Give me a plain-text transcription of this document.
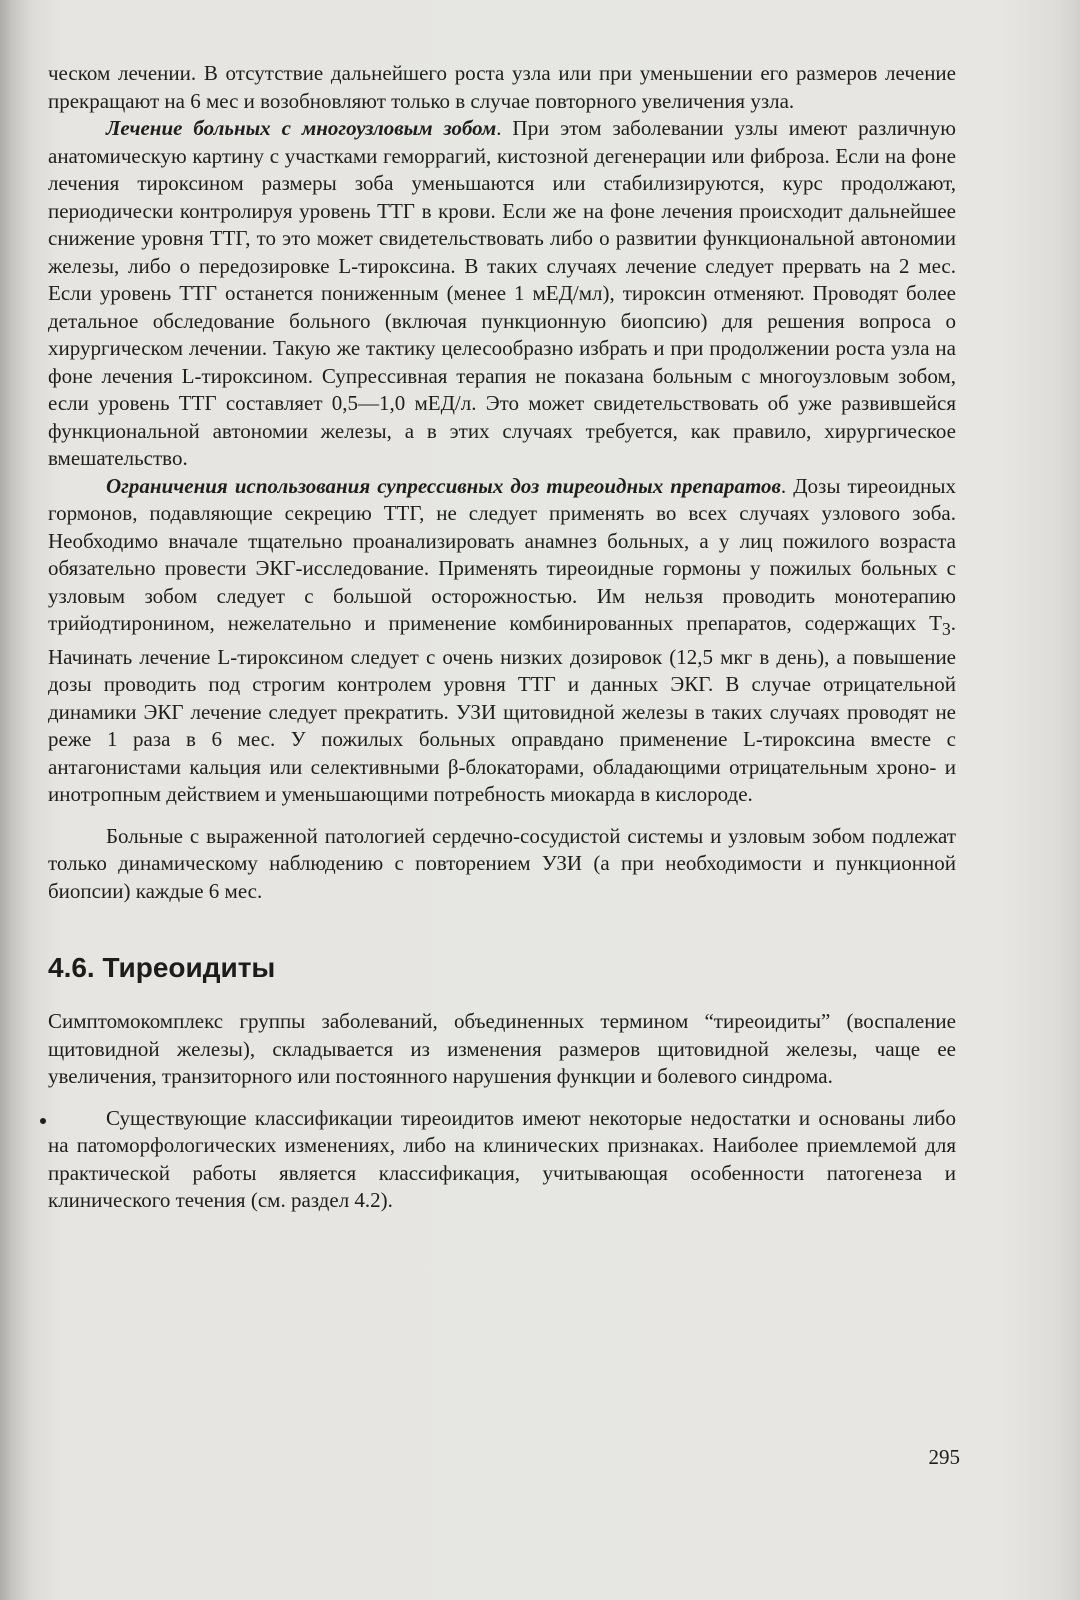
ческом лечении. В отсутствие дальнейшего роста узла или при уменьшении его размеров лечение прекращают на 6 мес и возобновляют только в случае повторного увеличения узла.

Лечение больных с многоузловым зобом. При этом заболевании узлы имеют различную анатомическую картину с участками геморрагий, кистозной дегенерации или фиброза. Если на фоне лечения тироксином размеры зоба уменьшаются или стабилизируются, курс продолжают, периодически контролируя уровень ТТГ в крови. Если же на фоне лечения происходит дальнейшее снижение уровня ТТГ, то это может свидетельствовать либо о развитии функциональной автономии железы, либо о передозировке L-тироксина. В таких случаях лечение следует прервать на 2 мес. Если уровень ТТГ останется пониженным (менее 1 мЕД/мл), тироксин отменяют. Проводят более детальное обследование больного (включая пункционную биопсию) для решения вопроса о хирургическом лечении. Такую же тактику целесообразно избрать и при продолжении роста узла на фоне лечения L-тироксином. Супрессивная терапия не показана больным с многоузловым зобом, если уровень ТТГ составляет 0,5—1,0 мЕД/л. Это может свидетельствовать об уже развившейся функциональной автономии железы, а в этих случаях требуется, как правило, хирургическое вмешательство.

Ограничения использования супрессивных доз тиреоидных препаратов. Дозы тиреоидных гормонов, подавляющие секрецию ТТГ, не следует применять во всех случаях узлового зоба. Необходимо вначале тщательно проанализировать анамнез больных, а у лиц пожилого возраста обязательно провести ЭКГ-исследование. Применять тиреоидные гормоны у пожилых больных с узловым зобом следует с большой осторожностью. Им нельзя проводить монотерапию трийодтиронином, нежелательно и применение комбинированных препаратов, содержащих $Т_3$. Начинать лечение L-тироксином следует с очень низких дозировок (12,5 мкг в день), а повышение дозы проводить под строгим контролем уровня ТТГ и данных ЭКГ. В случае отрицательной динамики ЭКГ лечение следует прекратить. УЗИ щитовидной железы в таких случаях проводят не реже 1 раза в 6 мес. У пожилых больных оправдано применение L-тироксина вместе с антагонистами кальция или селективными β-блокаторами, обладающими отрицательным хроно- и инотропным действием и уменьшающими потребность миокарда в кислороде.

Больные с выраженной патологией сердечно-сосудистой системы и узловым зобом подлежат только динамическому наблюдению с повторением УЗИ (а при необходимости и пункционной биопсии) каждые 6 мес.

4.6. Тиреоидиты

Симптомокомплекс группы заболеваний, объединенных термином “тиреоидиты” (воспаление щитовидной железы), складывается из изменения размеров щитовидной железы, чаще ее увеличения, транзиторного или постоянного нарушения функции и болевого синдрома.

Существующие классификации тиреоидитов имеют некоторые недостатки и основаны либо на патоморфологических изменениях, либо на клинических признаках. Наиболее приемлемой для практической работы является классификация, учитывающая особенности патогенеза и клинического течения (см. раздел 4.2).

295
